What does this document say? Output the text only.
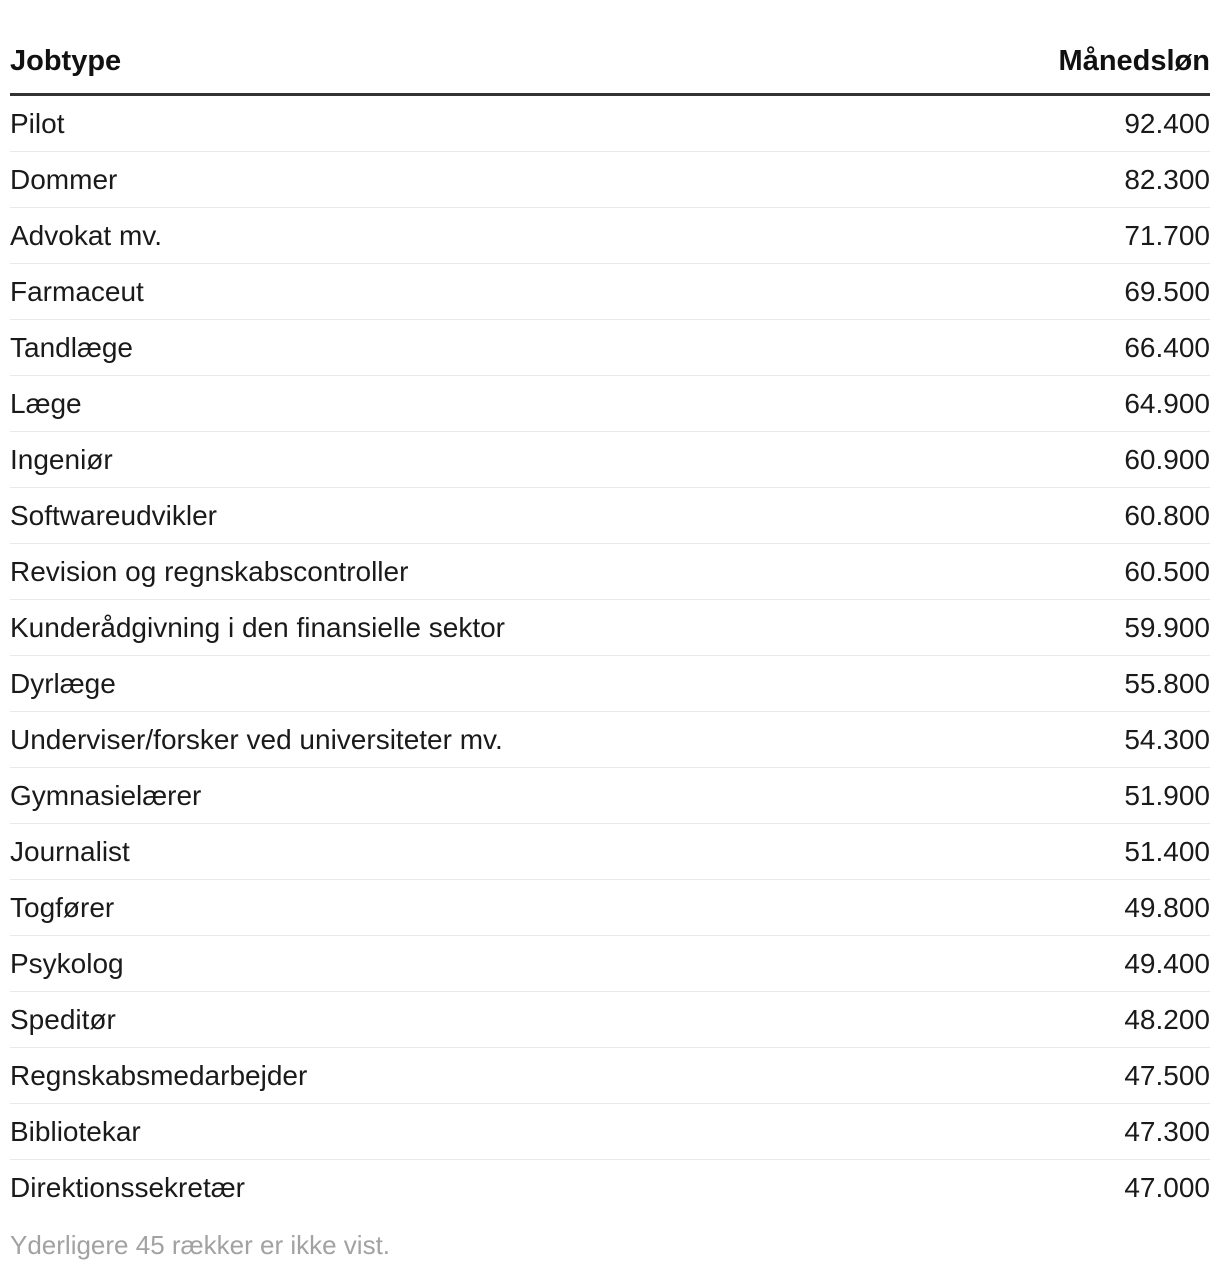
Jobtype	Månedsløn
Pilot	92.400
Dommer	82.300
Advokat mv.	71.700
Farmaceut	69.500
Tandlæge	66.400
Læge	64.900
Ingeniør	60.900
Softwareudvikler	60.800
Revision og regnskabscontroller	60.500
Kunderådgivning i den finansielle sektor	59.900
Dyrlæge	55.800
Underviser/forsker ved universiteter mv.	54.300
Gymnasielærer	51.900
Journalist	51.400
Togfører	49.800
Psykolog	49.400
Speditør	48.200
Regnskabsmedarbejder	47.500
Bibliotekar	47.300
Direktionssekretær	47.000
Yderligere 45 rækker er ikke vist.
